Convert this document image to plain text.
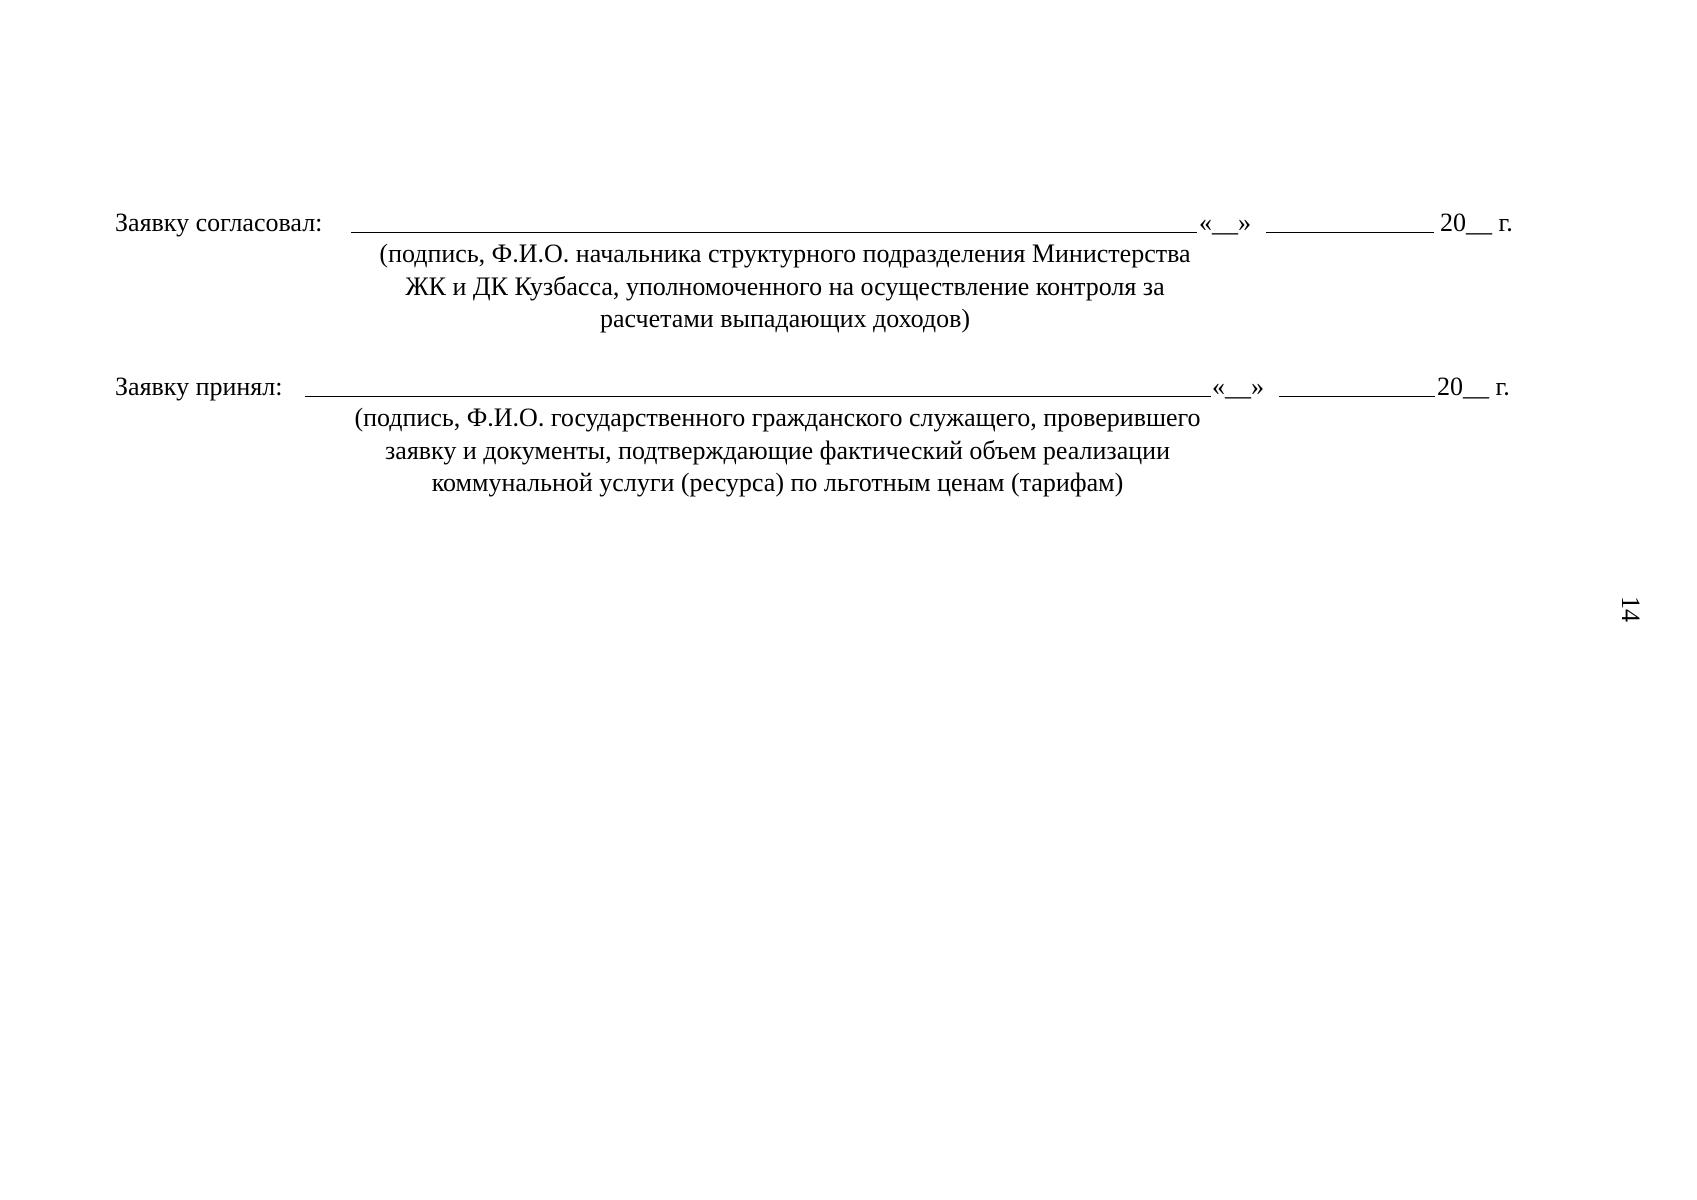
Заявку согласовал:	«__»	20__ г.
(подпись, Ф.И.О. начальника структурного подразделения Министерства
ЖК и ДК Кузбасса, уполномоченного на осуществление контроля за
расчетами выпадающих доходов)
Заявку принял:	«__»	20__ г.
(подпись, Ф.И.О. государственного гражданского служащего, проверившего
заявку и документы, подтверждающие фактический объем реализации
коммунальной услуги (ресурса) по льготным ценам (тарифам)
14
